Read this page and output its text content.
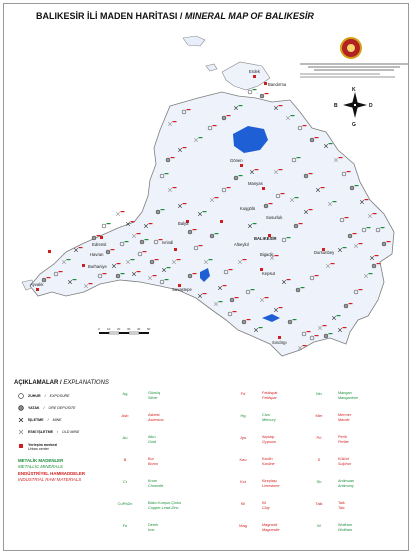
BALIKESİR İLİ MADEN HARİTASI / MINERAL MAP OF BALIKESİR
Erdek
Bandırma
Gönen
Manyas
Susurluk
Balya
Edremit
Havran
Burhaniye
Ivrindi
BALIKESİR
Kepsut
Ayvalık
Savaştepe
Sındırgı
Bigadiç	Dursunbey
Kuşgölü
Altıeylül
K
G
B	D
0 10 20 30 40 50
AÇIKLAMALAR / EXPLANATIONS
ZUHUR / EXPOSURE
YATAK / ORE DEPOSITE
İŞLETME / MINE
ESKİ İŞLETME / OLD MINE
Yerleşim merkezi
Urban center
METALİK MADENLER
METALLIC MINERALS
ENDÜSTRİYEL HAMMADDELER
INDUSTRIAL RAW MATERIALS
Ag	Gümüş
Silver
Asb	Asbest
Asbestos
Au	Altın
Gold
B	Bor
Boron
Cr	Krom
Chromite
CuPbZn	Bakır-Kurşun-Çinko
Copper-Lead-Zinc
Fe	Demir
Iron
Fd	Feldispat
Feldspar
Hg	Civa
Mercury
Jps	Alçıtaşı
Gypsum
Kao	Kaolin
Kaoline
Kct	Kireçtaşı
Limestone
Kil	Kil
Clay
Mag	Magnezit
Magnesite
Mn	Mangan
Manganese
Mer	Mermer
Marble
Prl	Perlit
Perlite
S	Kükürt
Sulphur
Sb	Antimuan
Antimony
Talk	Talk
Talc
W	Wolfram
Wolfram
